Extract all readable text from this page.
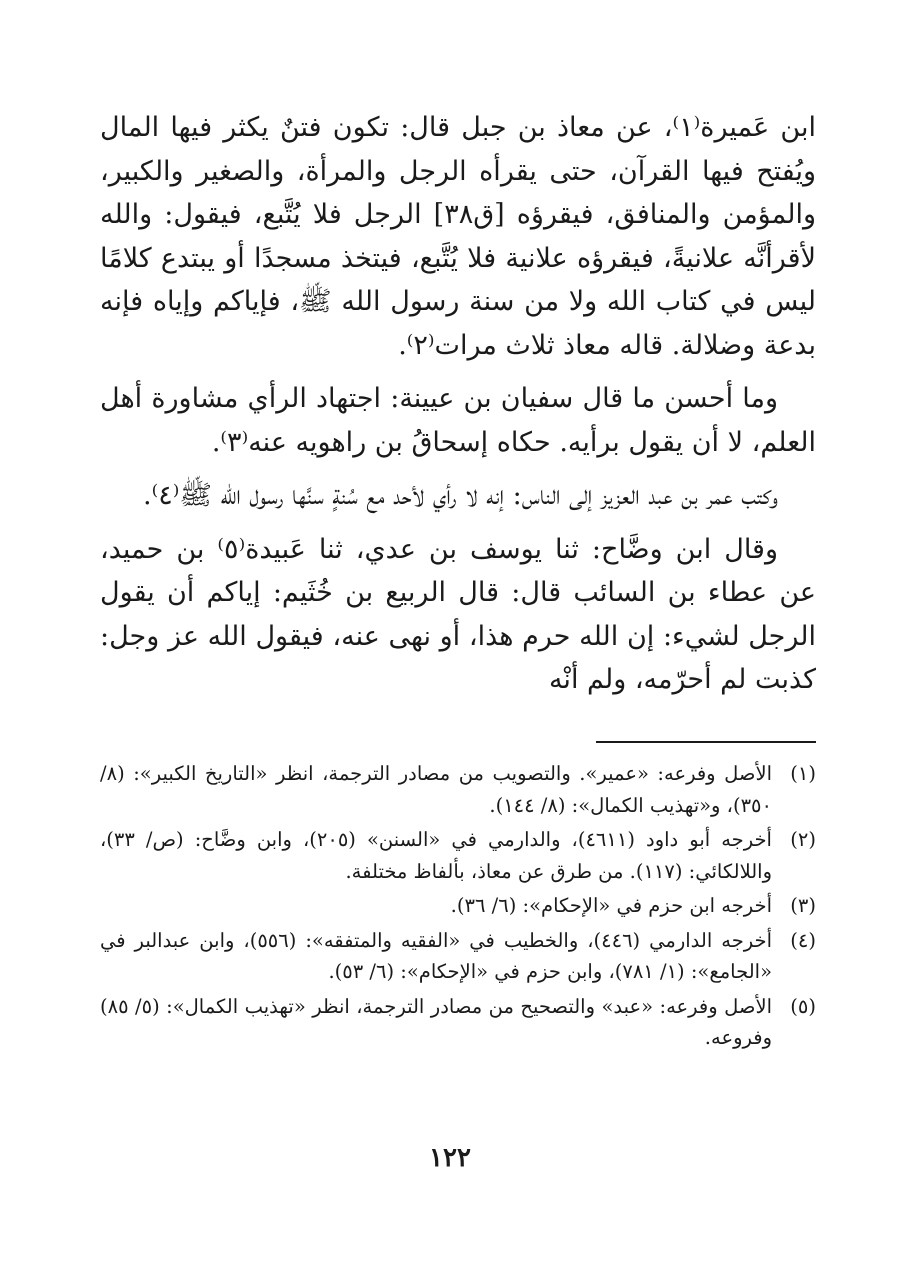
ابن عَميرة⁽١⁾، عن معاذ بن جبل قال: تكون فتنٌ يكثر فيها المال ويُفتح فيها القرآن، حتى يقرأه الرجل والمرأة، والصغير والكبير، والمؤمن والمنافق، فيقرؤه [ق٣٨] الرجل فلا يُتَّبع، فيقول: والله لأقرأنَّه علانيةً، فيقرؤه علانية فلا يُتَّبع، فيتخذ مسجدًا أو يبتدع كلامًا ليس في كتاب الله ولا من سنة رسول الله ﷺ، فإياكم وإياه فإنه بدعة وضلالة. قاله معاذ ثلاث مرات⁽٢⁾.

وما أحسن ما قال سفيان بن عيينة: اجتهاد الرأي مشاورة أهل العلم، لا أن يقول برأيه. حكاه إسحاقُ بن راهويه عنه⁽٣⁾.

وكتب عمر بن عبد العزيز إلى الناس: إنه لا رأي لأحد مع سُنةٍ سنَّها رسول الله ﷺ⁽٤⁾.

وقال ابن وضَّاح: ثنا يوسف بن عدي، ثنا عَبيدة⁽٥⁾ بن حميد، عن عطاء بن السائب قال: قال الربيع بن خُثَيم: إياكم أن يقول الرجل لشيء: إن الله حرم هذا، أو نهى عنه، فيقول الله عز وجل: كذبت لم أحرّمه، ولم أنْه

(١)
الأصل وفرعه: «عمير». والتصويب من مصادر الترجمة، انظر «التاريخ الكبير»: (٨/ ٣٥٠)، و«تهذيب الكمال»: (٨/ ١٤٤).
(٢)
أخرجه أبو داود (٤٦١١)، والدارمي في «السنن» (٢٠٥)، وابن وضَّاح: (ص/ ٣٣)، واللالكائي: (١١٧). من طرق عن معاذ، بألفاظ مختلفة.
(٣)
أخرجه ابن حزم في «الإحكام»: (٦/ ٣٦).
(٤)
أخرجه الدارمي (٤٤٦)، والخطيب في «الفقيه والمتفقه»: (٥٥٦)، وابن عبدالبر في «الجامع»: (١/ ٧٨١)، وابن حزم في «الإحكام»: (٦/ ٥٣).
(٥)
الأصل وفرعه: «عبد» والتصحيح من مصادر الترجمة، انظر «تهذيب الكمال»: (٥/ ٨٥) وفروعه.
١٢٢
